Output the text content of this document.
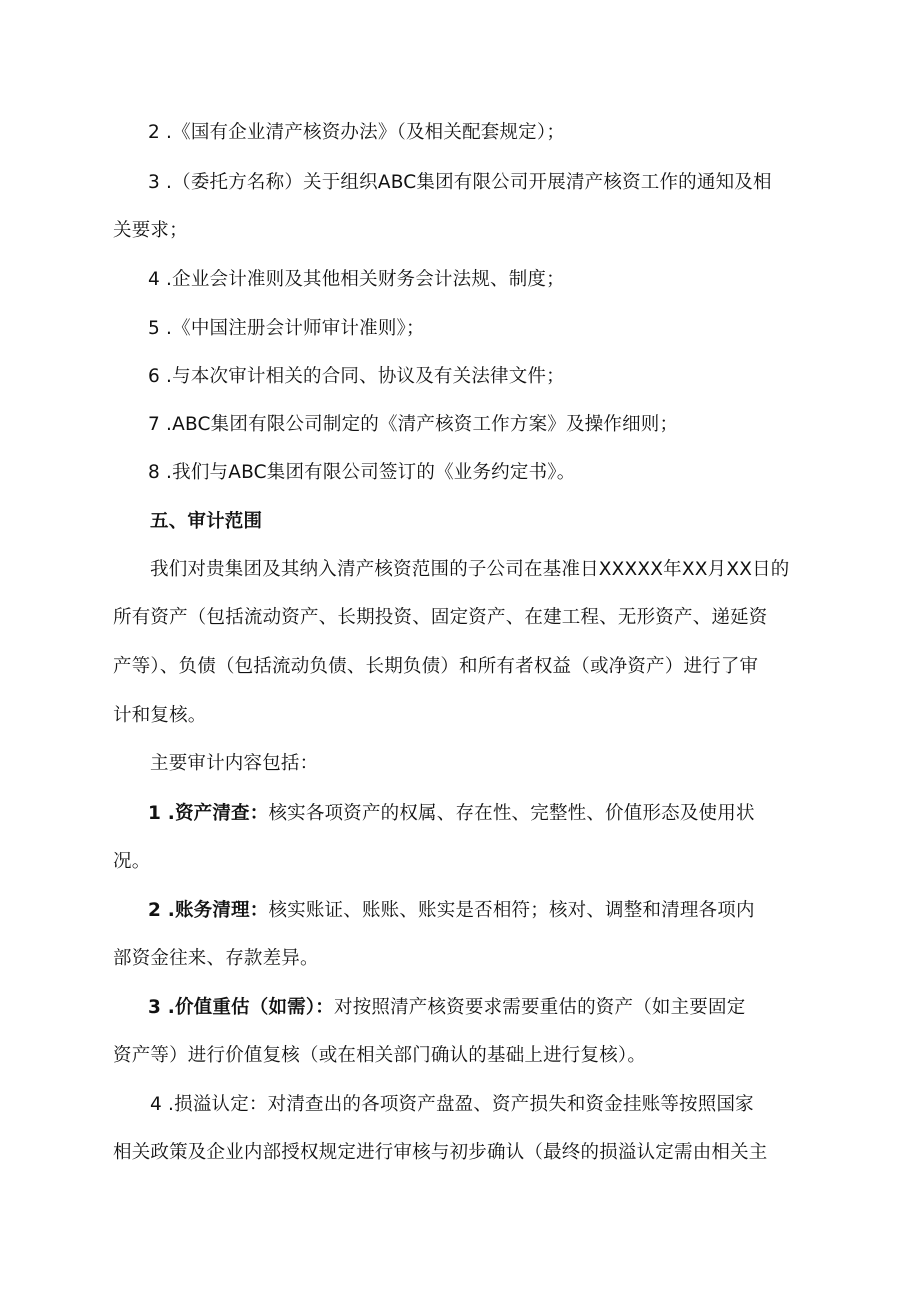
2 .《国有企业清产核资办法》（及相关配套规定）；
3 .（委托方名称）关于组织ABC集团有限公司开展清产核资工作的通知及相
关要求；
4 .企业会计准则及其他相关财务会计法规、制度；
5 .《中国注册会计师审计准则》；
6 .与本次审计相关的合同、协议及有关法律文件；
7 .ABC集团有限公司制定的《清产核资工作方案》及操作细则；
8 .我们与ABC集团有限公司签订的《业务约定书》。
五、审计范围
我们对贵集团及其纳入清产核资范围的子公司在基准日XXXXX年XX月XX日的
所有资产（包括流动资产、长期投资、固定资产、在建工程、无形资产、递延资
产等）、负债（包括流动负债、长期负债）和所有者权益（或净资产）进行了审
计和复核。
主要审计内容包括：
1 .资产清查：核实各项资产的权属、存在性、完整性、价值形态及使用状
况。
2 .账务清理：核实账证、账账、账实是否相符；核对、调整和清理各项内
部资金往来、存款差异。
3 .价值重估（如需）：对按照清产核资要求需要重估的资产（如主要固定
资产等）进行价值复核（或在相关部门确认的基础上进行复核）。
4 .损溢认定：对清查出的各项资产盘盈、资产损失和资金挂账等按照国家
相关政策及企业内部授权规定进行审核与初步确认（最终的损溢认定需由相关主
